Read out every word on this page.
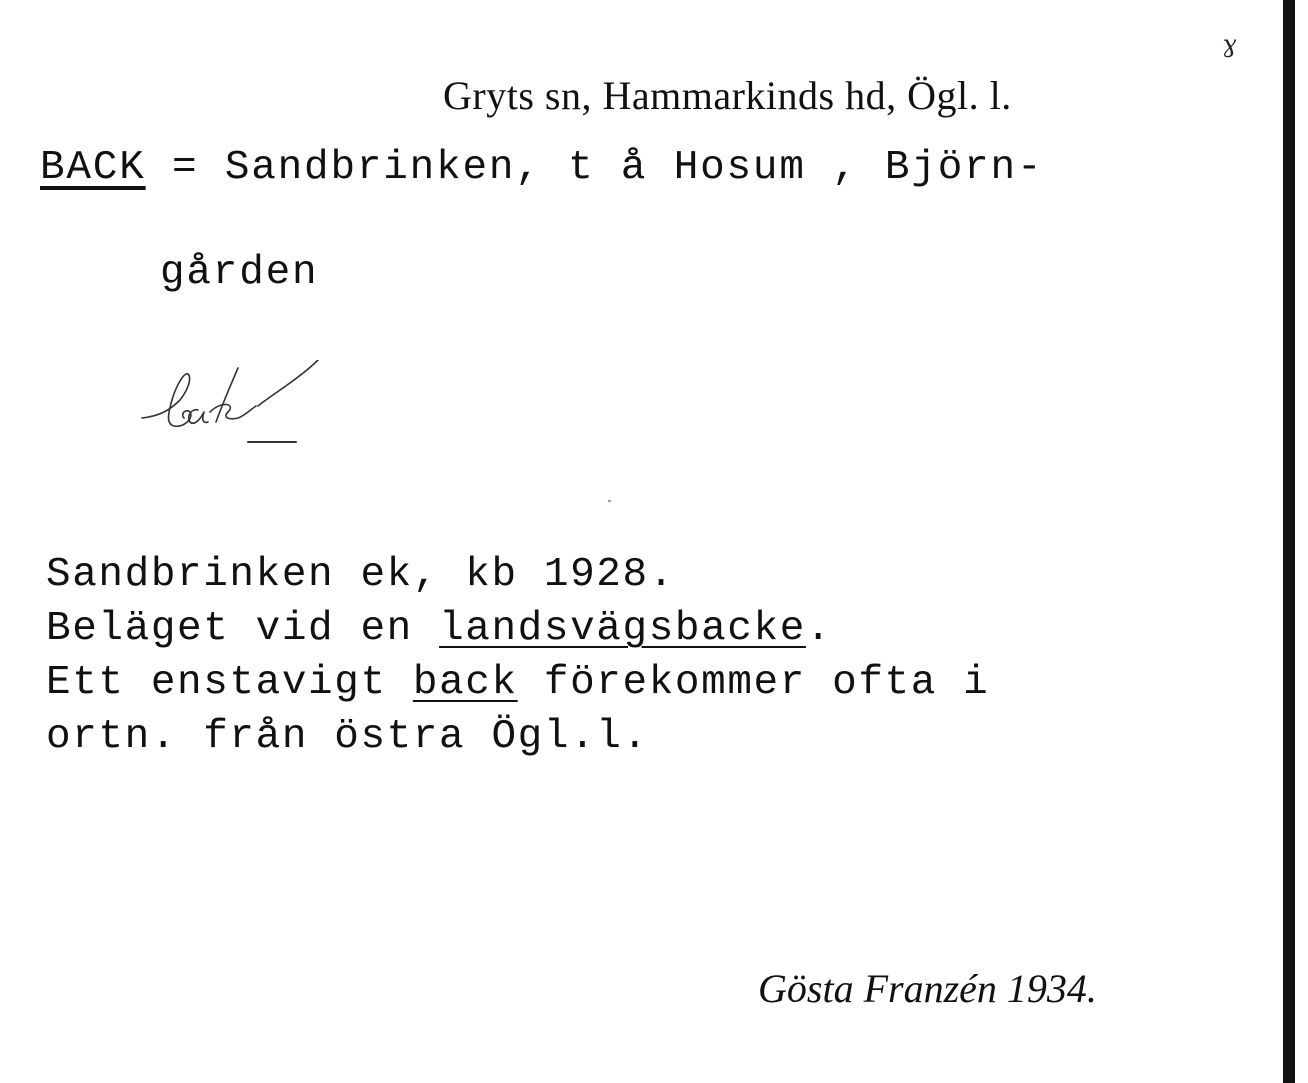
ɣ
Gryts sn, Hammarkinds hd, Ögl. l.
BACK = Sandbrinken, t å Hosum , Björn-
gården
Sandbrinken ek, kb 1928.
Beläget vid en landsvägsbacke.
Ett enstavigt back förekommer ofta i
ortn. från östra Ögl.l.
Gösta Franzén 1934.
